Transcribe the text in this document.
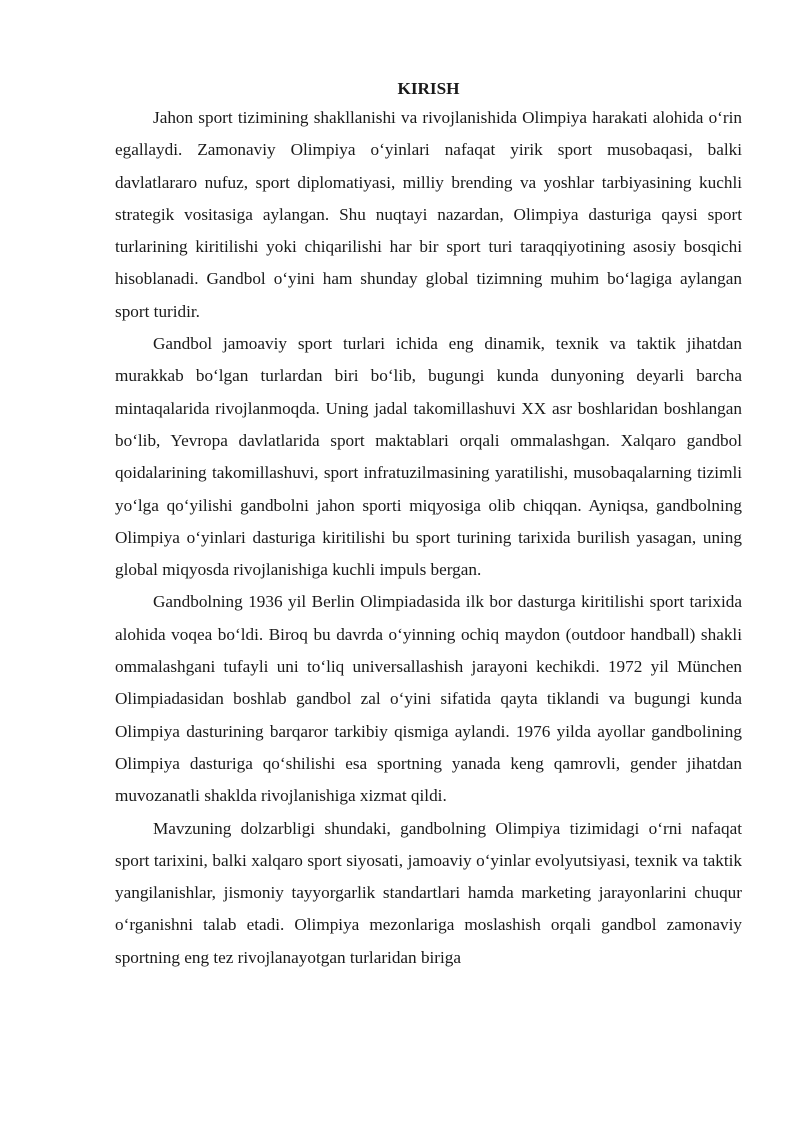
KIRISH

Jahon sport tizimining shakllanishi va rivojlanishida Olimpiya harakati alohida o‘rin egallaydi. Zamonaviy Olimpiya o‘yinlari nafaqat yirik sport musobaqasi, balki davlatlararo nufuz, sport diplomatiyasi, milliy brending va yoshlar tarbiyasining kuchli strategik vositasiga aylangan. Shu nuqtayi nazardan, Olimpiya dasturiga qaysi sport turlarining kiritilishi yoki chiqarilishi har bir sport turi taraqqiyotining asosiy bosqichi hisoblanadi. Gandbol o‘yini ham shunday global tizimning muhim bo‘lagiga aylangan sport turidir.

Gandbol jamoaviy sport turlari ichida eng dinamik, texnik va taktik jihatdan murakkab bo‘lgan turlardan biri bo‘lib, bugungi kunda dunyoning deyarli barcha mintaqalarida rivojlanmoqda. Uning jadal takomillashuvi XX asr boshlaridan boshlangan bo‘lib, Yevropa davlatlarida sport maktablari orqali ommalashgan. Xalqaro gandbol qoidalarining takomillashuvi, sport infratuzilmasining yaratilishi, musobaqalarning tizimli yo‘lga qo‘yilishi gandbolni jahon sporti miqyosiga olib chiqqan. Ayniqsa, gandbolning Olimpiya o‘yinlari dasturiga kiritilishi bu sport turining tarixida burilish yasagan, uning global miqyosda rivojlanishiga kuchli impuls bergan.

Gandbolning 1936 yil Berlin Olimpiadasida ilk bor dasturga kiritilishi sport tarixida alohida voqea bo‘ldi. Biroq bu davrda o‘yinning ochiq maydon (outdoor handball) shakli ommalashgani tufayli uni to‘liq universallashish jarayoni kechikdi. 1972 yil München Olimpiadasidan boshlab gandbol zal o‘yini sifatida qayta tiklandi va bugungi kunda Olimpiya dasturining barqaror tarkibiy qismiga aylandi. 1976 yilda ayollar gandbolining Olimpiya dasturiga qo‘shilishi esa sportning yanada keng qamrovli, gender jihatdan muvozanatli shaklda rivojlanishiga xizmat qildi.

Mavzuning dolzarbligi shundaki, gandbolning Olimpiya tizimidagi o‘rni nafaqat sport tarixini, balki xalqaro sport siyosati, jamoaviy o‘yinlar evolyutsiyasi, texnik va taktik yangilanishlar, jismoniy tayyorgarlik standartlari hamda marketing jarayonlarini chuqur o‘rganishni talab etadi. Olimpiya mezonlariga moslashish orqali gandbol zamonaviy sportning eng tez rivojlanayotgan turlaridan biriga
